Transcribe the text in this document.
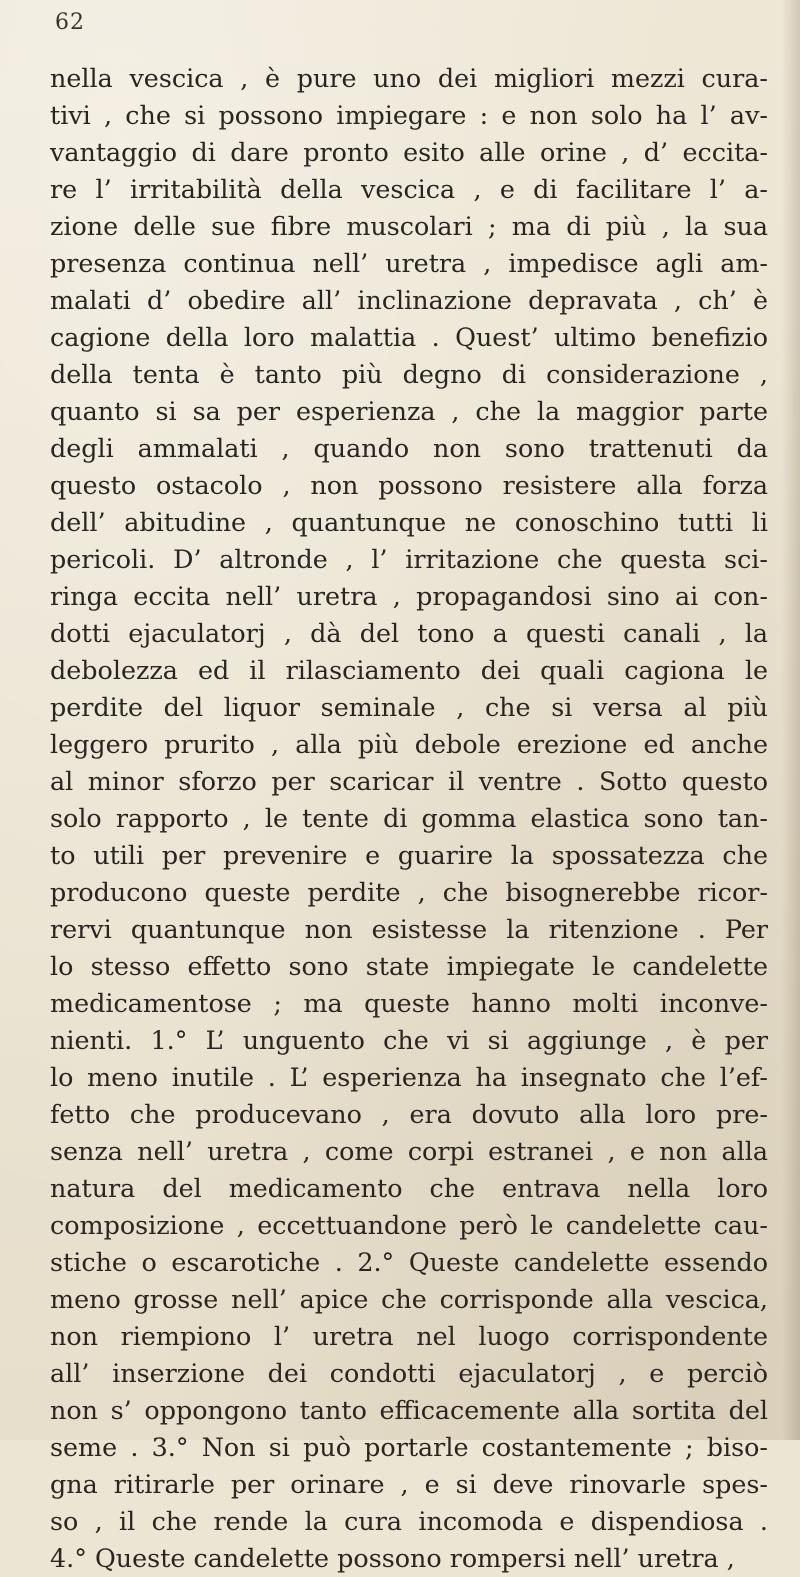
62
nella vescica , è pure uno dei migliori mezzi cura-
tivi , che si possono impiegare : e non solo ha l’ av-
vantaggio di dare pronto esito alle orine , d’ eccita-
re l’ irritabilità della vescica , e di facilitare l’ a-
zione delle sue fibre muscolari ; ma di più , la sua
presenza continua nell’ uretra , impedisce agli am-
malati d’ obedire all’ inclinazione depravata , ch’ è
cagione della loro malattia . Quest’ ultimo benefizio
della tenta è tanto più degno di considerazione ,
quanto si sa per esperienza , che la maggior parte
degli ammalati , quando non sono trattenuti da
questo ostacolo , non possono resistere alla forza
dell’ abitudine , quantunque ne conoschino tutti li
pericoli. D’ altronde , l’ irritazione che questa sci-
ringa eccita nell’ uretra , propagandosi sino ai con-
dotti ejaculatorj , dà del tono a questi canali , la
debolezza ed il rilasciamento dei quali cagiona le
perdite del liquor seminale , che si versa al più
leggero prurito , alla più debole erezione ed anche
al minor sforzo per scaricar il ventre . Sotto questo
solo rapporto , le tente di gomma elastica sono tan-
to utili per prevenire e guarire la spossatezza che
producono queste perdite , che bisognerebbe ricor-
rervi quantunque non esistesse la ritenzione . Per
lo stesso effetto sono state impiegate le candelette
medicamentose ; ma queste hanno molti inconve-
nienti. 1.° L’ unguento che vi si aggiunge , è per
lo meno inutile . L’ esperienza ha insegnato che l’ef-
fetto che producevano , era dovuto alla loro pre-
senza nell’ uretra , come corpi estranei , e non alla
natura del medicamento che entrava nella loro
composizione , eccettuandone però le candelette cau-
stiche o escarotiche . 2.° Queste candelette essendo
meno grosse nell’ apice che corrisponde alla vescica,
non riempiono l’ uretra nel luogo corrispondente
all’ inserzione dei condotti ejaculatorj , e perciò
non s’ oppongono tanto efficacemente alla sortita del
seme . 3.° Non si può portarle costantemente ; biso-
gna ritirarle per orinare , e si deve rinovarle spes-
so , il che rende la cura incomoda e dispendiosa .
4.° Queste candelette possono rompersi nell’ uretra ,
